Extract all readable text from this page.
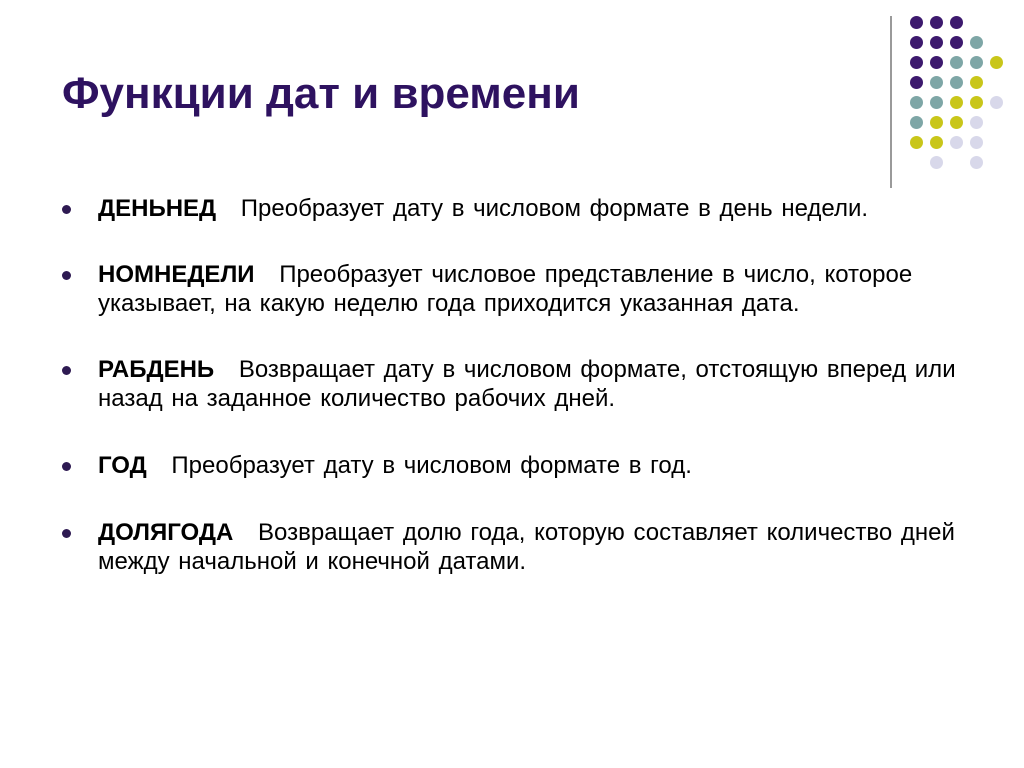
Функции дат и времени
ДЕНЬНЕД Преобразует дату в числовом формате в день недели.
НОМНЕДЕЛИ Преобразует числовое представление в число, которое указывает, на какую неделю года приходится указанная дата.
РАБДЕНЬ Возвращает дату в числовом формате, отстоящую вперед или назад на заданное количество рабочих дней.
ГОД Преобразует дату в числовом формате в год.
ДОЛЯГОДА Возвращает долю года, которую составляет количество дней между начальной и конечной датами.
